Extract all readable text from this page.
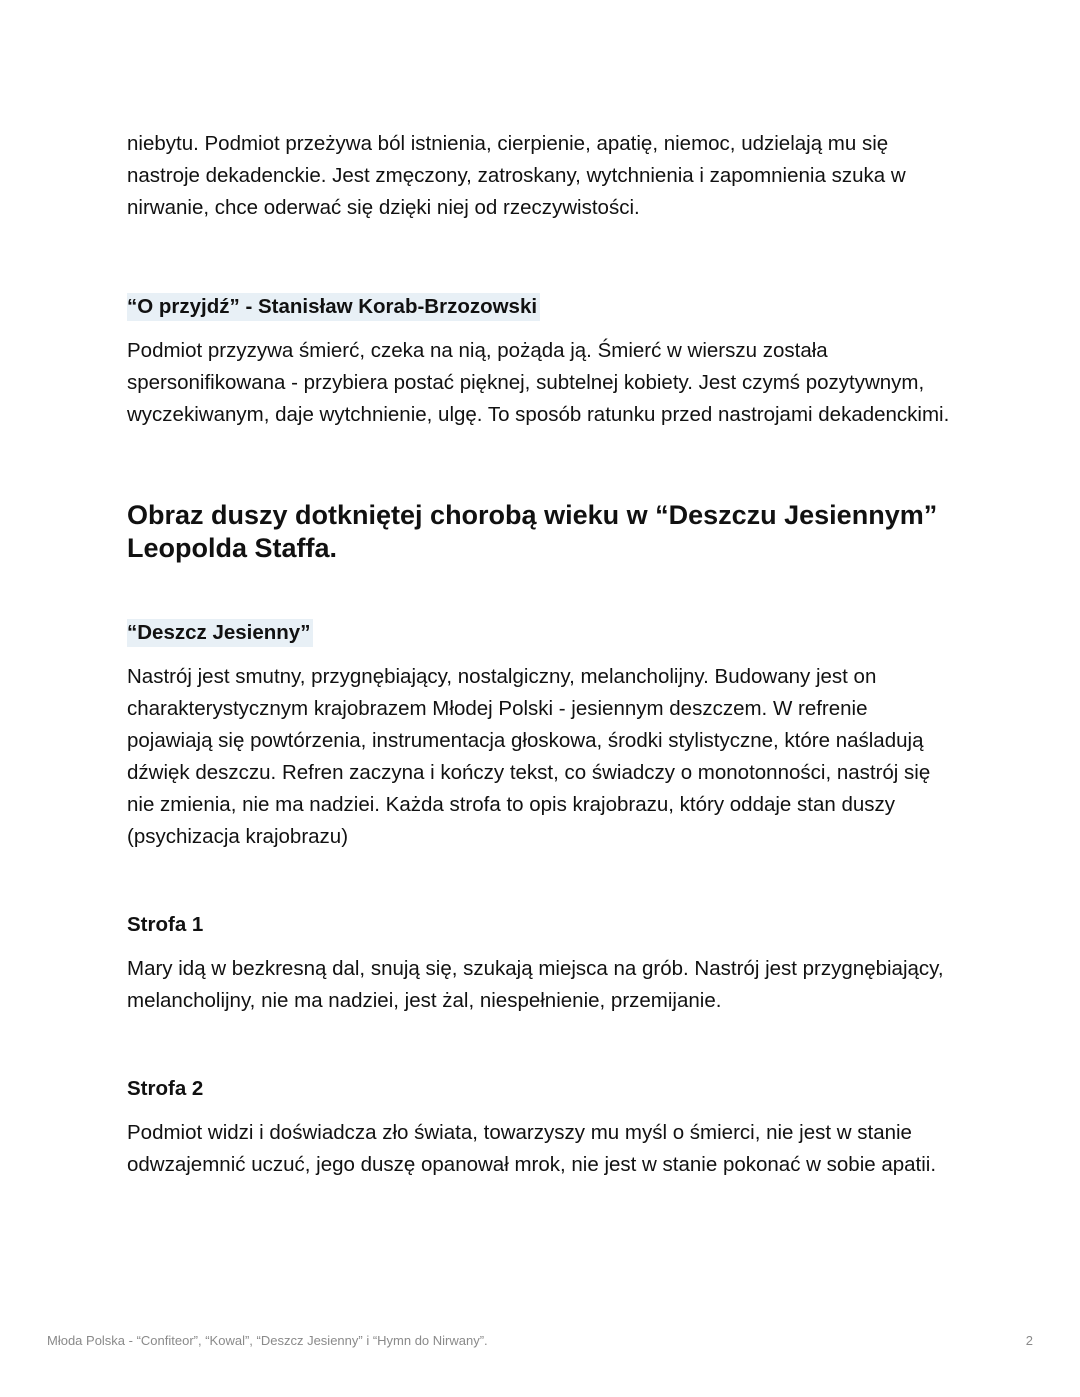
niebytu. Podmiot przeżywa ból istnienia, cierpienie, apatię, niemoc, udzielają mu się nastroje dekadenckie. Jest zmęczony, zatroskany, wytchnienia i zapomnienia szuka w nirwanie, chce oderwać się dzięki niej od rzeczywistości.

“O przyjdź” - Stanisław Korab-Brzozowski

Podmiot przyzywa śmierć, czeka na nią, pożąda ją. Śmierć w wierszu została spersonifikowana - przybiera postać pięknej, subtelnej kobiety. Jest czymś pozytywnym, wyczekiwanym, daje wytchnienie, ulgę. To sposób ratunku przed nastrojami dekadenckimi.

Obraz duszy dotkniętej chorobą wieku w “Deszczu Jesiennym” Leopolda Staffa.
“Deszcz Jesienny”

Nastrój jest smutny, przygnębiający, nostalgiczny, melancholijny. Budowany jest on charakterystycznym krajobrazem Młodej Polski - jesiennym deszczem. W refrenie pojawiają się powtórzenia, instrumentacja głoskowa, środki stylistyczne, które naśladują dźwięk deszczu. Refren zaczyna i kończy tekst, co świadczy o monotonności, nastrój się nie zmienia, nie ma nadziei. Każda strofa to opis krajobrazu, który oddaje stan duszy (psychizacja krajobrazu)

Strofa 1

Mary idą w bezkresną dal, snują się, szukają miejsca na grób. Nastrój jest przygnębiający, melancholijny, nie ma nadziei, jest żal, niespełnienie, przemijanie.

Strofa 2

Podmiot widzi i doświadcza zło świata, towarzyszy mu myśl o śmierci, nie jest w stanie odwzajemnić uczuć, jego duszę opanował mrok, nie jest w stanie pokonać w sobie apatii.

Młoda Polska - “Confiteor”, “Kowal”, “Deszcz Jesienny” i “Hymn do Nirwany”.	2
